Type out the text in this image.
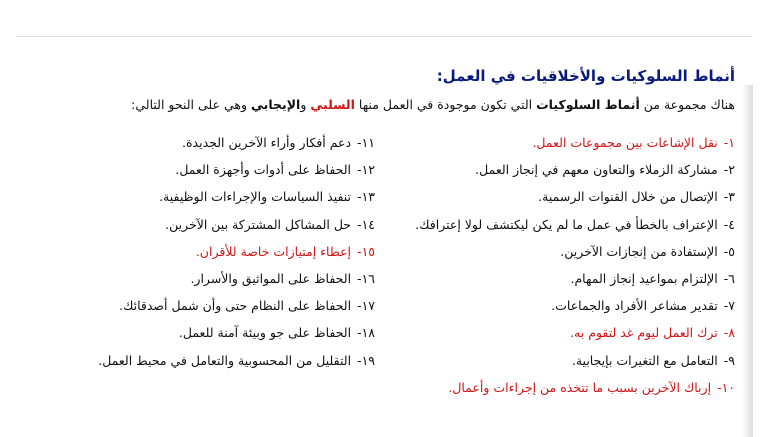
أنماط السلوكيات والأخلاقيات في العمل:
هناك مجموعة من أنماط السلوكيات التي تكون موجودة في العمل منها السلبي والإيجابي وهي على النحو التالي:
١-نقل الإشاعات بين مجموعات العمل.
٢-مشاركة الزملاء والتعاون معهم في إنجاز العمل.
٣-الإتصال من خلال القنوات الرسمية.
٤-الإعتراف بالخطأ في عمل ما لم يكن ليكتشف لولا إعترافك.
٥-الإستفادة من إنجازات الآخرين.
٦-الإلتزام بمواعيد إنجاز المهام.
٧-تقدير مشاعر الأفراد والجماعات.
٨-ترك العمل ليوم غد لتقوم به.
٩-التعامل مع التغيرات بإيجابية.
١٠-إرباك الآخرين بسبب ما تتخذه من إجراءات وأعمال.
١١-دعم أفكار وأراء الآخرين الجديدة.
١٢-الحفاظ على أدوات وأجهزة العمل.
١٣-تنفيذ السياسات والإجراءات الوظيفية.
١٤-حل المشاكل المشتركة بين الآخرين.
١٥-إعطاء إمتيازات خاصة للأقران.
١٦-الحفاظ على المواثيق والأسرار.
١٧-الحفاظ على النظام حتى وأن شمل أصدقائك.
١٨-الحفاظ على جو وبيئة آمنة للعمل.
١٩-التقليل من المحسوبية والتعامل في محيط العمل.
